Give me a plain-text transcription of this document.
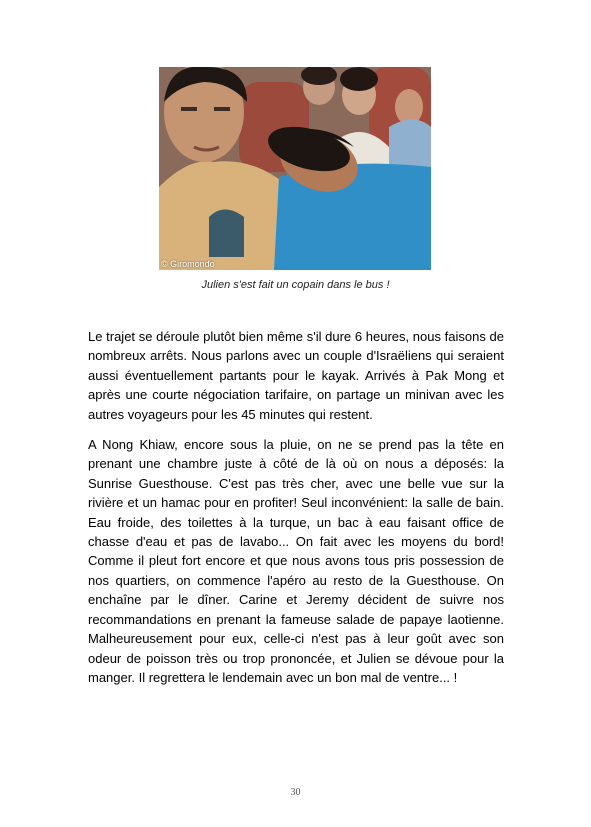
© Giromondo
Julien s'est fait un copain dans le bus !

Le trajet se déroule plutôt bien même s'il dure 6 heures, nous faisons de nombreux arrêts. Nous parlons avec un couple d'Israëliens qui seraient aussi éventuellement partants pour le kayak. Arrivés à Pak Mong et après une courte négociation tarifaire, on partage un minivan avec les autres voyageurs pour les 45 minutes qui restent.

A Nong Khiaw, encore sous la pluie, on ne se prend pas la tête en prenant une chambre juste à côté de là où on nous a déposés: la Sunrise Guesthouse. C'est pas très cher, avec une belle vue sur la rivière et un hamac pour en profiter! Seul inconvénient: la salle de bain. Eau froide, des toilettes à la turque, un bac à eau faisant office de chasse d'eau et pas de lavabo... On fait avec les moyens du bord! Comme il pleut fort encore et que nous avons tous pris possession de nos quartiers, on commence l'apéro au resto de la Guesthouse. On enchaîne par le dîner. Carine et Jeremy décident de suivre nos recommandations en prenant la fameuse salade de papaye laotienne. Malheureusement pour eux, celle-ci n'est pas à leur goût avec son odeur de poisson très ou trop prononcée, et Julien se dévoue pour la manger. Il regrettera le lendemain avec un bon mal de ventre... !

30
